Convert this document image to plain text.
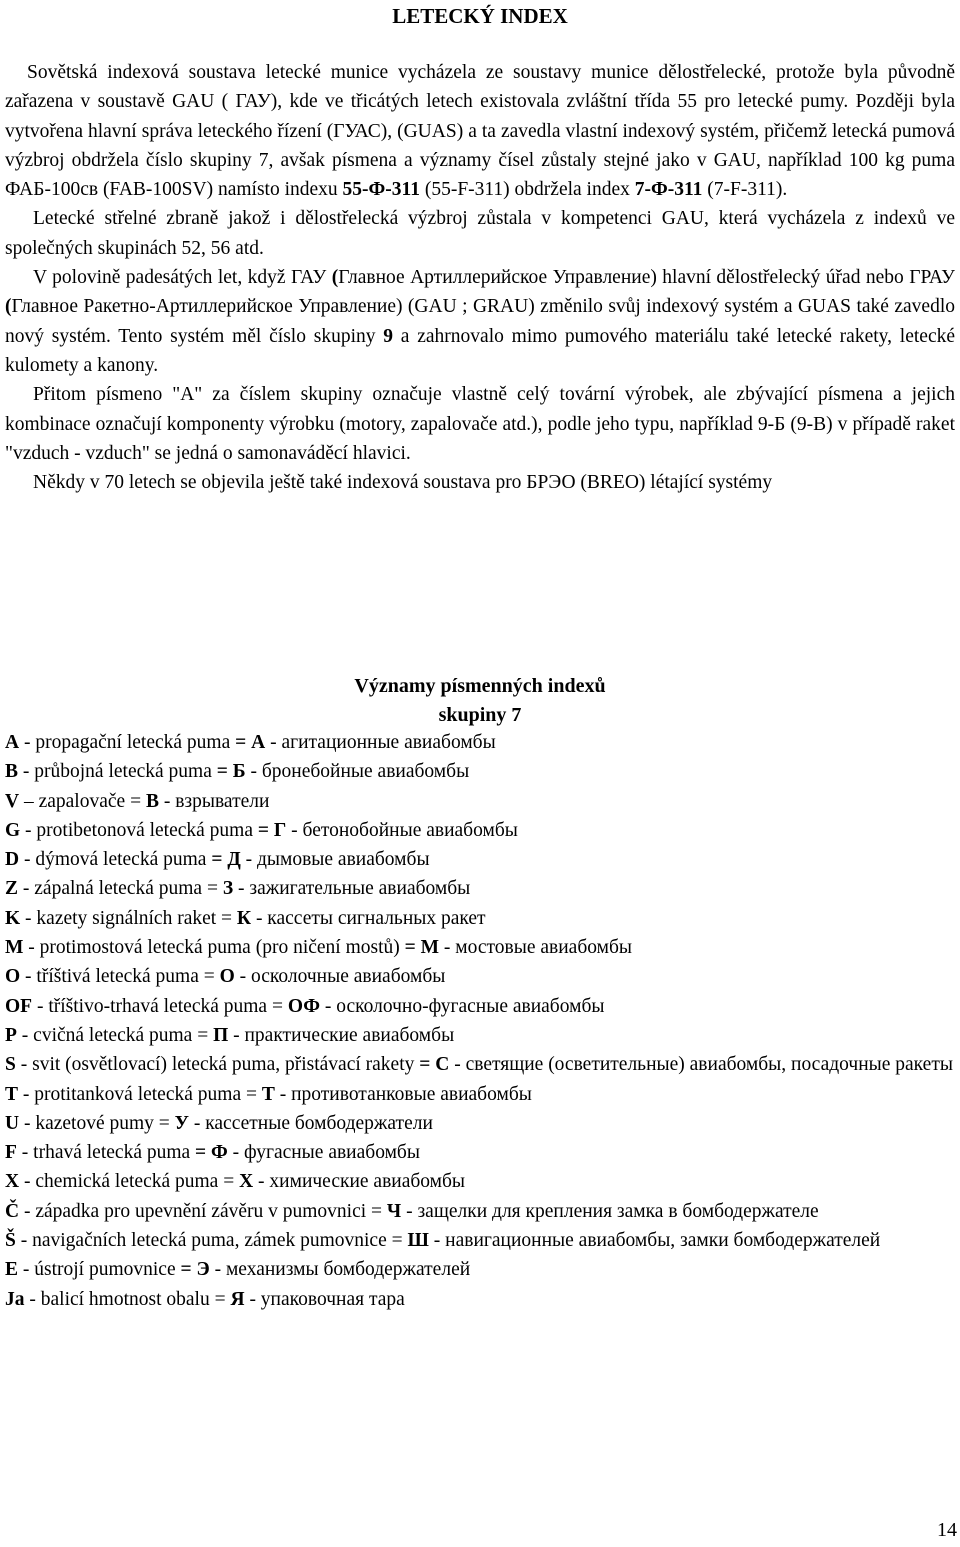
LETECKÝ INDEX

Sovětská indexová soustava letecké munice vycházela ze soustavy munice dělostřelecké, protože byla původně zařazena v soustavě GAU ( ГАУ), kde ve třicátých letech existovala zvláštní třída 55 pro letecké pumy. Později byla vytvořena hlavní správa leteckého řízení (ГУАС), (GUAS) a ta zavedla vlastní indexový systém, přičemž letecká pumová výzbroj obdržela číslo skupiny 7, avšak písmena a významy čísel zůstaly stejné jako v GAU, například 100 kg puma ФАБ-100св (FAB-100SV) namísto indexu 55-Ф-311 (55-F-311) obdržela index 7-Ф-311 (7-F-311).

Letecké střelné zbraně jakož i dělostřelecká výzbroj zůstala v kompetenci GAU, která vycházela z indexů ve společných skupinách 52, 56 atd.

V polovině padesátých let, když ГАУ (Главное Артиллерийское Управление) hlavní dělostřelecký úřad nebo ГРАУ (Главное Ракетно-Артиллерийское Управление) (GAU ; GRAU) změnilo svůj indexový systém a GUAS také zavedlo nový systém. Tento systém měl číslo skupiny 9 a zahrnovalo mimo pumového materiálu také letecké rakety, letecké kulomety a kanony.

Přitom písmeno "A" za číslem skupiny označuje vlastně celý tovární výrobek, ale zbývající písmena a jejich kombinace označují komponenty výrobku (motory, zapalovače atd.), podle jeho typu, například 9-Б (9-B) v případě raket "vzduch - vzduch" se jedná o samonaváděcí hlavici.

Někdy v 70 letech se objevila ještě také indexová soustava pro БРЭО (BREO) létající systémy

Významy písmenných indexů
skupiny 7
A - propagační letecká puma = А - агитационные авиабомбы
B - průbojná letecká puma = Б - бронебойные авиабомбы
V – zapalovače = В - взрыватели
G - protibetonová letecká puma = Г - бетонобойные авиабомбы
D - dýmová letecká puma = Д - дымовые авиабомбы
Z - zápalná letecká puma = З - зажигательные авиабомбы
K - kazety signálních raket = К - кассеты сигнальных ракет
M - protimostová letecká puma (pro ničení mostů) = М - мостовые авиабомбы
O - tříštivá letecká puma = О - осколочные авиабомбы
OF - tříštivo-trhavá letecká puma = ОФ - осколочно-фугасные авиабомбы
P - cvičná letecká puma = П - практические авиабомбы
S - svit (osvětlovací) letecká puma, přistávací rakety = С - светящие (осветительные) авиабомбы, посадочные ракеты
T - protitanková letecká puma = Т - противотанковые авиабомбы
U - kazetové pumy = У - кассетные бомбодержатели
F - trhavá letecká puma = Ф - фугасные авиабомбы
X - chemická letecká puma = Х - химические авиабомбы
Č - západka pro upevnění závěru v pumovnici = Ч - защелки для крепления замка в бомбодержателе
Š - navigačních letecká puma, zámek pumovnice = Ш - навигационные авиабомбы, замки бомбодержателей
E - ústrojí pumovnice = Э - механизмы бомбодержателей
Ja - balicí hmotnost obalu = Я - упаковочная тара
14
